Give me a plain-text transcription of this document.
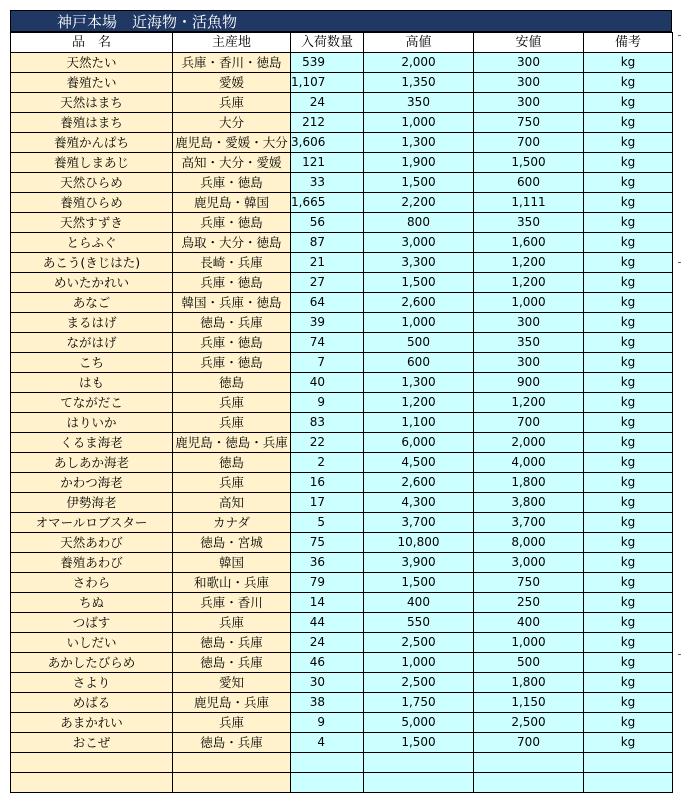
神戸本場　近海物・活魚物
品　名	主産地	入荷数量	高値	安値	備考
天然たい	兵庫・香川・徳島	539	2,000	300	kg
養殖たい	愛媛	1,107	1,350	300	kg
天然はまち	兵庫	24	350	300	kg
養殖はまち	大分	212	1,000	750	kg
養殖かんぱち	鹿児島・愛媛・大分	3,606	1,300	700	kg
養殖しまあじ	高知・大分・愛媛	121	1,900	1,500	kg
天然ひらめ	兵庫・徳島	33	1,500	600	kg
養殖ひらめ	鹿児島・韓国	1,665	2,200	1,111	kg
天然すずき	兵庫・徳島	56	800	350	kg
とらふぐ	鳥取・大分・徳島	87	3,000	1,600	kg
あこう(きじはた)	長崎・兵庫	21	3,300	1,200	kg
めいたかれい	兵庫・徳島	27	1,500	1,200	kg
あなご	韓国・兵庫・徳島	64	2,600	1,000	kg
まるはげ	徳島・兵庫	39	1,000	300	kg
ながはげ	兵庫・徳島	74	500	350	kg
こち	兵庫・徳島	7	600	300	kg
はも	徳島	40	1,300	900	kg
てながだこ	兵庫	9	1,200	1,200	kg
はりいか	兵庫	83	1,100	700	kg
くるま海老	鹿児島・徳島・兵庫	22	6,000	2,000	kg
あしあか海老	徳島	2	4,500	4,000	kg
かわつ海老	兵庫	16	2,600	1,800	kg
伊勢海老	高知	17	4,300	3,800	kg
オマールロブスター	カナダ	5	3,700	3,700	kg
天然あわび	徳島・宮城	75	10,800	8,000	kg
養殖あわび	韓国	36	3,900	3,000	kg
さわら	和歌山・兵庫	79	1,500	750	kg
ちぬ	兵庫・香川	14	400	250	kg
つばす	兵庫	44	550	400	kg
いしだい	徳島・兵庫	24	2,500	1,000	kg
あかしたびらめ	徳島・兵庫	46	1,000	500	kg
さより	愛知	30	2,500	1,800	kg
めばる	鹿児島・兵庫	38	1,750	1,150	kg
あまかれい	兵庫	9	5,000	2,500	kg
おこぜ	徳島・兵庫	4	1,500	700	kg
